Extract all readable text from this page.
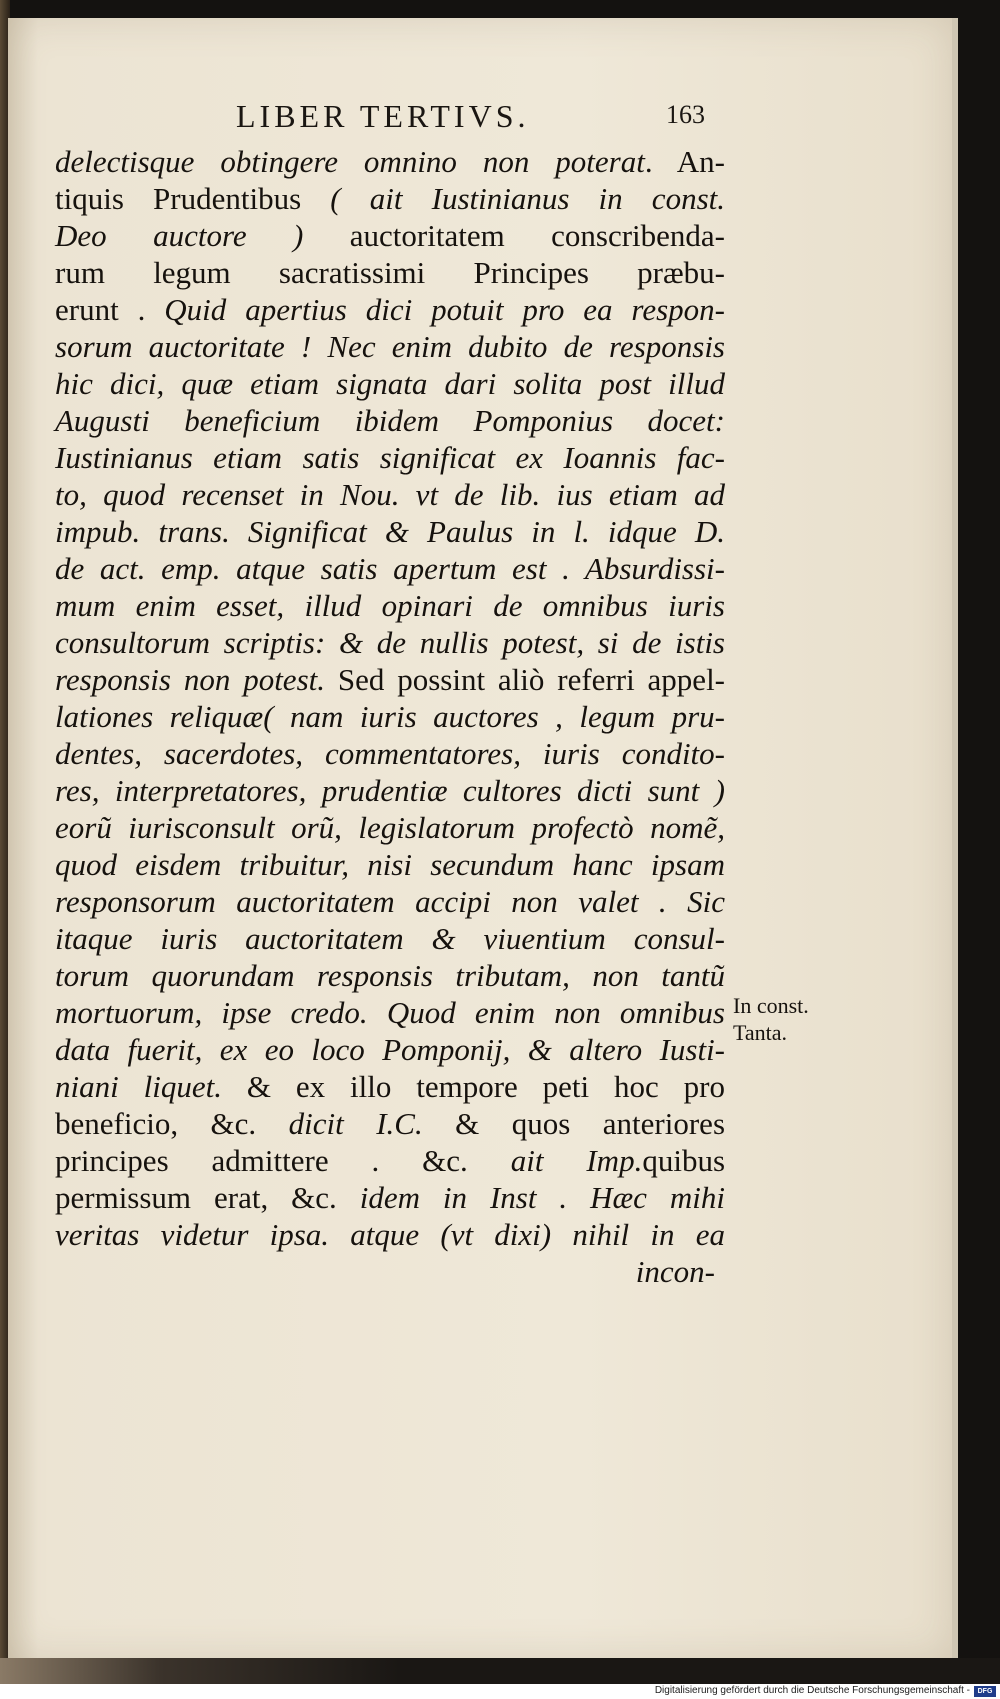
LIBER TERTIVS.	163
delectisque obtingere omnino non poterat. An-
tiquis Prudentibus ( ait Iustinianus in const.
Deo auctore ) auctoritatem conscribenda-
rum legum sacratissimi Principes præbu-
erunt . Quid apertius dici potuit pro ea respon-
sorum auctoritate ! Nec enim dubito de responsis
hic dici, quæ etiam signata dari solita post illud
Augusti beneficium ibidem Pomponius docet:
Iustinianus etiam satis significat ex Ioannis fac-
to, quod recenset in Nou. vt de lib. ius etiam ad
impub. trans. Significat & Paulus in l. idque D.
de act. emp. atque satis apertum est . Absurdissi-
mum enim esset, illud opinari de omnibus iuris
consultorum scriptis: & de nullis potest, si de istis
responsis non potest. Sed possint aliò referri appel-
lationes reliquæ( nam iuris auctores , legum pru-
dentes, sacerdotes, commentatores, iuris condito-
res, interpretatores, prudentiæ cultores dicti sunt )
eorũ iurisconsult orũ, legislatorum profectò nomẽ,
quod eisdem tribuitur, nisi secundum hanc ipsam
responsorum auctoritatem accipi non valet . Sic
itaque iuris auctoritatem & viuentium consul-
torum quorundam responsis tributam, non tantũ
mortuorum, ipse credo. Quod enim non omnibus
data fuerit, ex eo loco Pomponij, & altero Iusti-
niani liquet. & ex illo tempore peti hoc pro
beneficio, &c. dicit I.C. & quos anteriores
principes admittere . &c. ait Imp.quibus
permissum erat, &c. idem in Inst . Hæc mihi
veritas videtur ipsa. atque (vt dixi) nihil in ea
incon-
In const.
Tanta.
Digitalisierung gefördert durch die Deutsche Forschungsgemeinschaft -	DFG
